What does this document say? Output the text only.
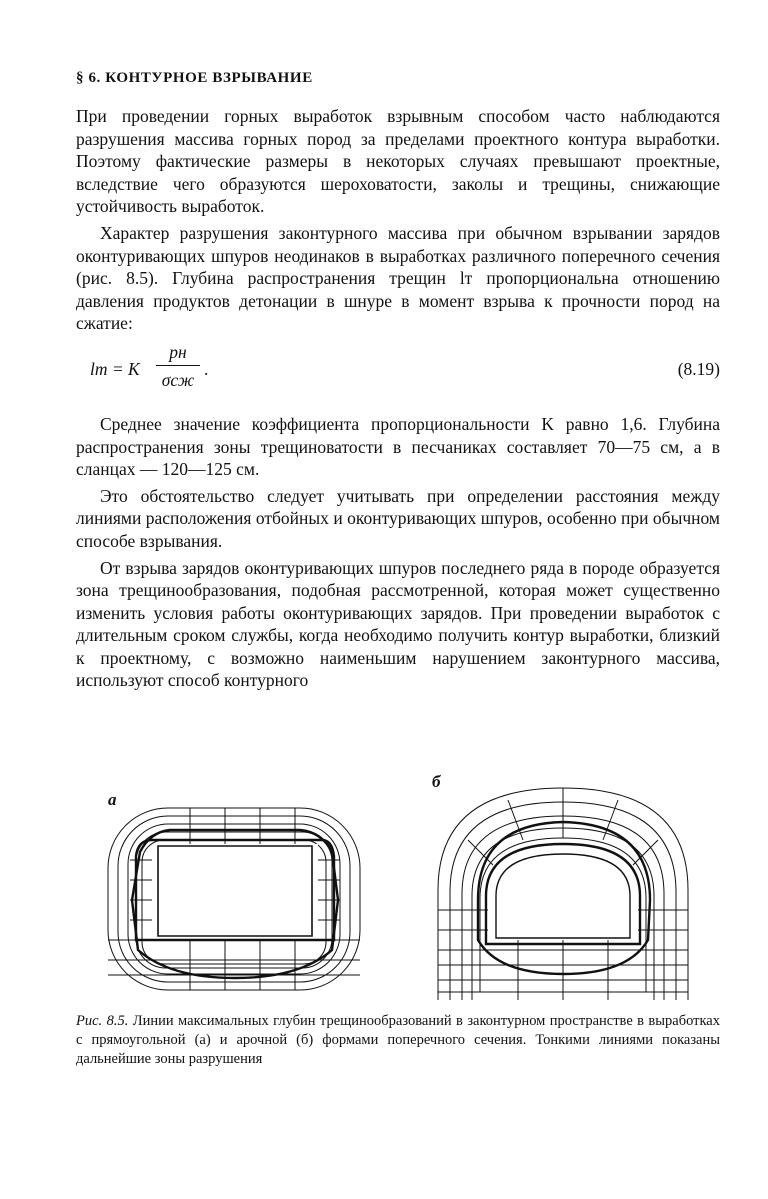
§ 6. КОНТУРНОЕ ВЗРЫВАНИЕ

При проведении горных выработок взрывным способом часто наблюдаются разрушения массива горных пород за пределами проектного контура выработки. Поэтому фактические размеры в некоторых случаях превышают проектные, вследствие чего образуются шероховатости, заколы и трещины, снижающие устойчивость выработок.

Характер разрушения законтурного массива при обычном взрывании зарядов оконтуривающих шпуров неодинаков в выработках различного поперечного сечения (рис. 8.5). Глубина распространения трещин lт пропорциональна отношению давления продуктов детонации в шнуре в момент взрыва к прочности пород на сжатие:

lт = K
pн
σсж
.	(8.19)

Среднее значение коэффициента пропорциональности K равно 1,6. Глубина распространения зоны трещиноватости в песчаниках составляет 70—75 см, а в сланцах — 120—125 см.

Это обстоятельство следует учитывать при определении расстояния между линиями расположения отбойных и оконтуривающих шпуров, особенно при обычном способе взрывания.

От взрыва зарядов оконтуривающих шпуров последнего ряда в породе образуется зона трещинообразования, подобная рассмотренной, которая может существенно изменить условия работы оконтуривающих зарядов. При проведении выработок с длительным сроком службы, когда необходимо получить контур выработки, близкий к проектному, с возможно наименьшим нарушением законтурного массива, используют способ контурного

а
б
Рис. 8.5. Линии максимальных глубин трещинообразований в законтурном пространстве в выработках с прямоугольной (а) и арочной (б) формами поперечного сечения. Тонкими линиями показаны дальнейшие зоны разрушения
